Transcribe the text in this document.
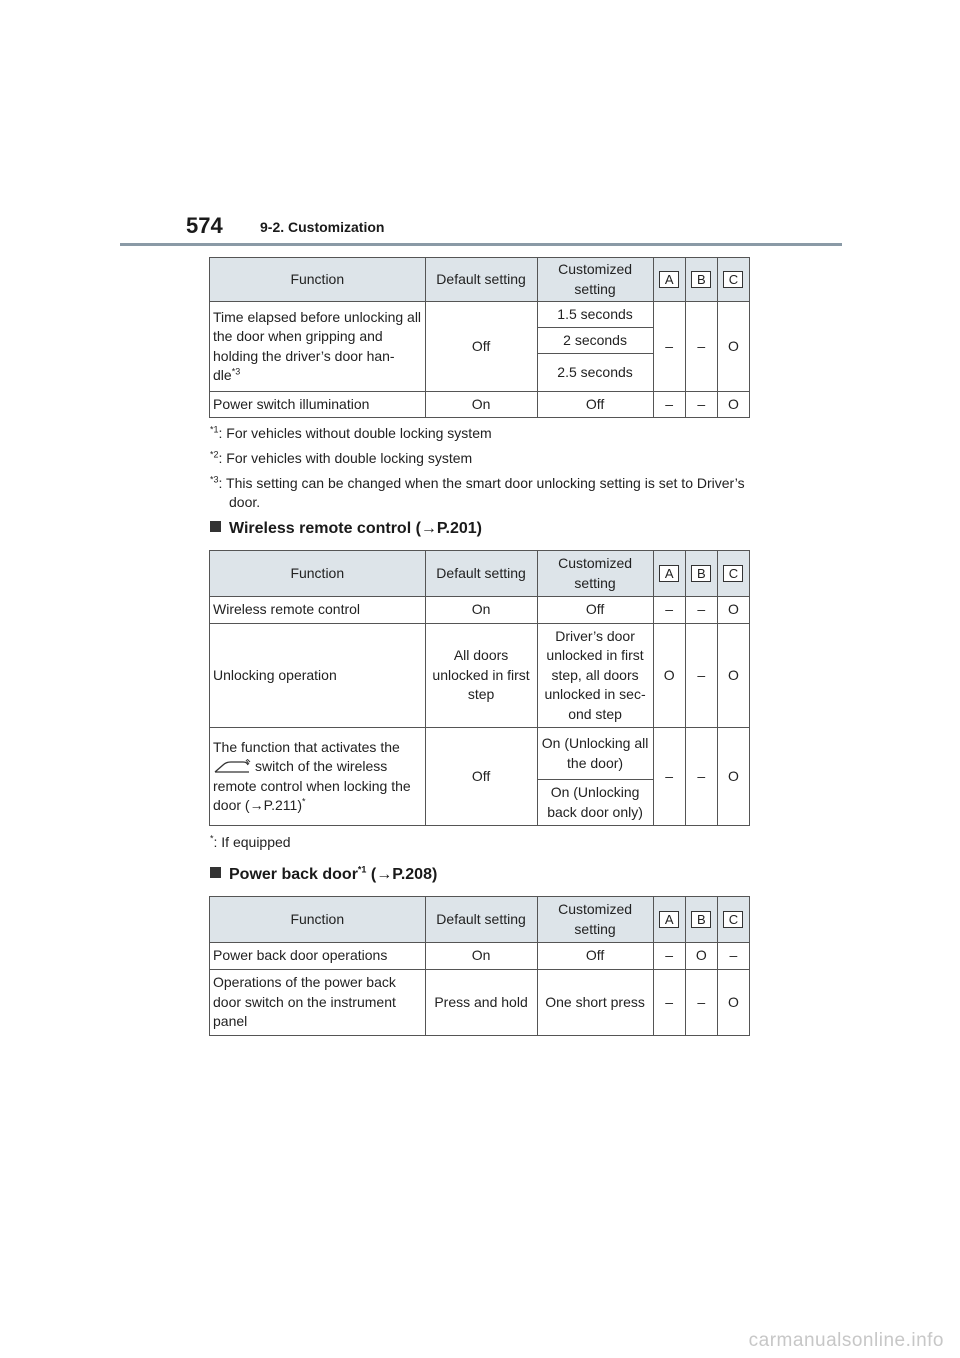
574	9-2. Customization
Function	Default setting	Customized setting	A	B	C
Time elapsed before unlocking all the door when gripping and holding the driver’s door han-dle$^{*3}$	Off	1.5 seconds	–	–	O
		2 seconds			
		2.5 seconds			
Power switch illumination	On	Off	–	–	O
$^{*1}$: For vehicles without double locking system
$^{*2}$: For vehicles with double locking system
$^{*3}$: This setting can be changed when the smart door unlocking setting is set to Driver’s door.
Wireless remote control (→P.201)
Function	Default setting	Customized setting	A	B	C
Wireless remote control	On	Off	–	–	O
Unlocking operation	All doors unlocked in first step	Driver’s door unlocked in first step, all doors unlocked in sec-ond step	O	–	O
The function that activates the
switch of the wireless remote control when locking the door (→P.211)*	Off	On (Unlocking all the door)	–	–	O
		On (Unlocking back door only)			
*: If equipped
Power back door$^{*1}$ (→P.208)
Function	Default setting	Customized setting	A	B	C
Power back door operations	On	Off	–	O	–
Operations of the power back door switch on the instrument panel	Press and hold	One short press	–	–	O
carmanualsonline.info
